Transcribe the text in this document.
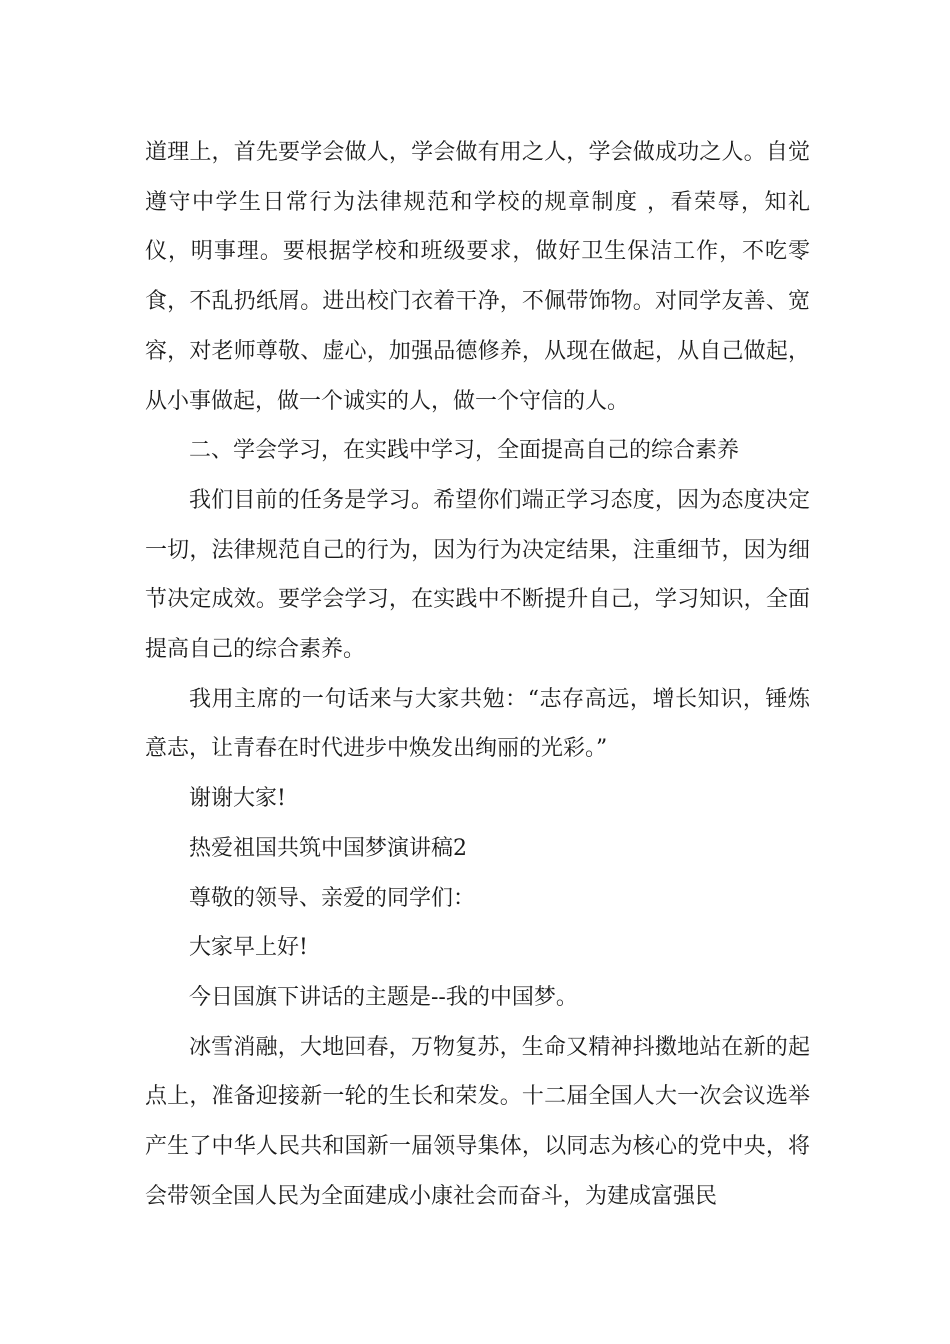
道理上，首先要学会做人，学会做有用之人，学会做成功之人。自觉遵守中学生日常行为法律规范和学校的规章制度 ，看荣辱，知礼仪，明事理。要根据学校和班级要求，做好卫生保洁工作，不吃零食，不乱扔纸屑。进出校门衣着干净，不佩带饰物。对同学友善、宽容，对老师尊敬、虚心，加强品德修养，从现在做起，从自己做起，从小事做起，做一个诚实的人，做一个守信的人。

二、学会学习，在实践中学习，全面提高自己的综合素养

我们目前的任务是学习。希望你们端正学习态度，因为态度决定一切，法律规范自己的行为，因为行为决定结果，注重细节，因为细节决定成效。要学会学习，在实践中不断提升自己，学习知识，全面提高自己的综合素养。

我用主席的一句话来与大家共勉：“志存高远，增长知识，锤炼意志，让青春在时代进步中焕发出绚丽的光彩。”

谢谢大家!

热爱祖国共筑中国梦演讲稿2

尊敬的领导、亲爱的同学们：

大家早上好!

今日国旗下讲话的主题是--我的中国梦。

冰雪消融，大地回春，万物复苏，生命又精神抖擞地站在新的起点上，准备迎接新一轮的生长和荣发。十二届全国人大一次会议选举产生了中华人民共和国新一届领导集体，以同志为核心的党中央，将会带领全国人民为全面建成小康社会而奋斗，为建成富强民
